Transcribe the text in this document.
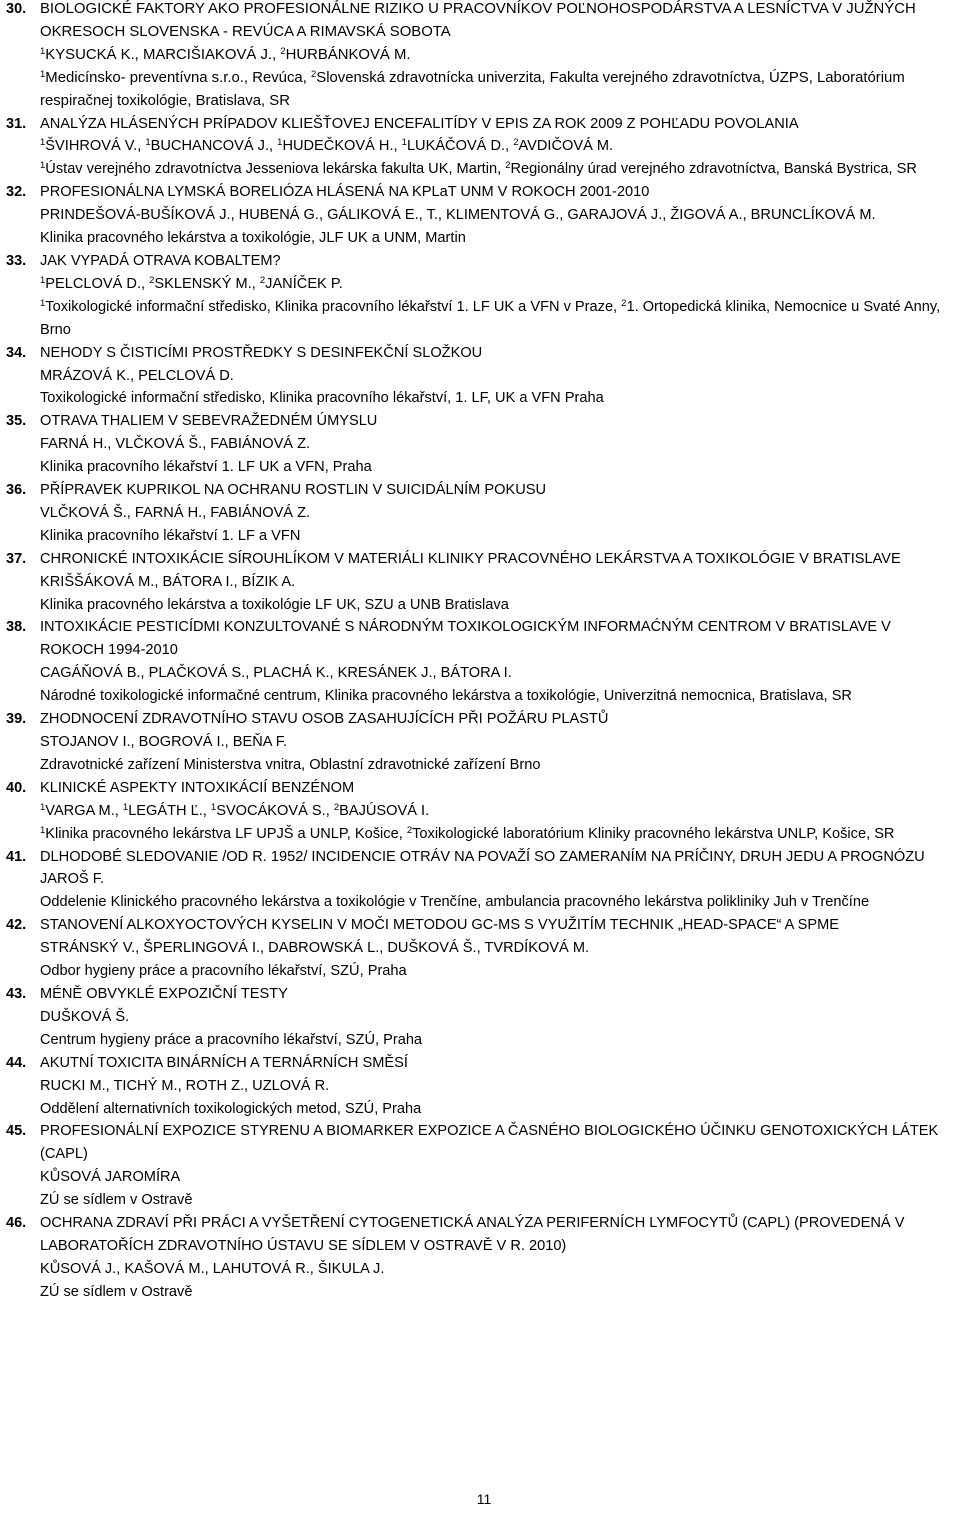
30. BIOLOGICKÉ FAKTORY AKO PROFESIONÁLNE RIZIKO U PRACOVNÍKOV POĽNOHOSPODÁRSTVA A LESNÍCTVA V JUŽNÝCH OKRESOCH SLOVENSKA - REVÚCA A RIMAVSKÁ SOBOTA
$^1$KYSUCKÁ K., MARCIŠIAKOVÁ J., $^2$HURBÁNKOVÁ M.
$^1$Medicínsko- preventívna s.r.o., Revúca, $^2$Slovenská zdravotnícka univerzita, Fakulta verejného zdravotníctva, ÚZPS, Laboratórium respiračnej toxikológie, Bratislava, SR
31. ANALÝZA HLÁSENÝCH PRÍPADOV KLIEŠŤOVEJ ENCEFALITÍDY V EPIS ZA ROK 2009 Z POHĽADU POVOLANIA
$^1$ŠVIHROVÁ V., $^1$BUCHANCOVÁ J., $^1$HUDEČKOVÁ H., $^1$LUKÁČOVÁ D., $^2$AVDIČOVÁ M.
$^1$Ústav verejného zdravotníctva Jesseniova lekárska fakulta UK, Martin, $^2$Regionálny úrad verejného zdravotníctva, Banská Bystrica, SR
32. PROFESIONÁLNA LYMSKÁ BORELIÓZA HLÁSENÁ NA KPLaT UNM V ROKOCH 2001-2010
PRINDEŠOVÁ-BUŠÍKOVÁ J., HUBENÁ G., GÁLIKOVÁ E., T., KLIMENTOVÁ G., GARAJOVÁ J., ŽIGOVÁ A., BRUNCLÍKOVÁ M.
Klinika pracovného lekárstva a toxikológie, JLF UK a UNM, Martin
33. JAK VYPADÁ OTRAVA KOBALTEM?
$^1$PELCLOVÁ D., $^2$SKLENSKÝ M., $^2$JANÍČEK P.
$^1$Toxikologické informační středisko, Klinika pracovního lékařství 1. LF UK a VFN v Praze, $^2$1. Ortopedická klinika, Nemocnice u Svaté Anny, Brno
34. NEHODY S ČISTICÍMI PROSTŘEDKY S DESINFEKČNÍ SLOŽKOU
MRÁZOVÁ K., PELCLOVÁ D.
Toxikologické informační středisko, Klinika pracovního lékařství, 1. LF, UK a VFN Praha
35. OTRAVA THALIEM V SEBEVRAŽEDNÉM ÚMYSLU
FARNÁ H., VLČKOVÁ Š., FABIÁNOVÁ Z.
Klinika pracovního lékařství 1. LF UK a VFN, Praha
36. PŘÍPRAVEK KUPRIKOL NA OCHRANU ROSTLIN V SUICIDÁLNÍM POKUSU
VLČKOVÁ Š., FARNÁ H., FABIÁNOVÁ Z.
Klinika pracovního lékařství 1. LF a VFN
37. CHRONICKÉ INTOXIKÁCIE SÍROUHLÍKOM V MATERIÁLI KLINIKY PRACOVNÉHO LEKÁRSTVA A TOXIKOLÓGIE V BRATISLAVE
KRIŠŠÁKOVÁ M., BÁTORA I., BÍZIK A.
Klinika pracovného lekárstva a toxikológie LF UK, SZU a UNB Bratislava
38. INTOXIKÁCIE PESTICÍDMI KONZULTOVANÉ S NÁRODNÝM TOXIKOLOGICKÝM INFORMAĆNÝM CENTROM V BRATISLAVE V ROKOCH 1994-2010
CAGÁŇOVÁ B., PLAČKOVÁ S., PLACHÁ K., KRESÁNEK J., BÁTORA I.
Národné toxikologické informačné centrum, Klinika pracovného lekárstva a toxikológie, Univerzitná nemocnica, Bratislava, SR
39. ZHODNOCENÍ ZDRAVOTNÍHO STAVU OSOB ZASAHUJÍCÍCH PŘI POŽÁRU PLASTŮ
STOJANOV I., BOGROVÁ I., BEŇA F.
Zdravotnické zařízení Ministerstva vnitra, Oblastní zdravotnické zařízení Brno
40. KLINICKÉ ASPEKTY INTOXIKÁCIÍ BENZÉNOM
$^1$VARGA M., $^1$LEGÁTH Ľ., $^1$SVOCÁKOVÁ S., $^2$BAJÚSOVÁ I.
$^1$Klinika pracovného lekárstva LF UPJŠ a UNLP, Košice, $^2$Toxikologické laboratórium Kliniky pracovného lekárstva UNLP, Košice, SR
41. DLHODOBÉ SLEDOVANIE /OD R. 1952/ INCIDENCIE OTRÁV NA POVAŽÍ SO ZAMERANÍM NA PRÍČINY, DRUH JEDU A PROGNÓZU
JAROŠ F.
Oddelenie Klinického pracovného lekárstva a toxikológie v Trenčíne, ambulancia pracovného lekárstva polikliniky Juh v Trenčíne
42. STANOVENÍ ALKOXYOCTOVÝCH KYSELIN V MOČI METODOU GC-MS S VYUŽITÍM TECHNIK „HEAD-SPACE“ A SPME
STRÁNSKÝ V., ŠPERLINGOVÁ I., DABROWSKÁ L., DUŠKOVÁ Š., TVRDÍKOVÁ M.
Odbor hygieny práce a pracovního lékařství, SZÚ, Praha
43. MÉNĚ OBVYKLÉ EXPOZIČNÍ TESTY
DUŠKOVÁ Š.
Centrum hygieny práce a pracovního lékařství, SZÚ, Praha
44. AKUTNÍ TOXICITA BINÁRNÍCH A TERNÁRNÍCH SMĚSÍ
RUCKI M., TICHÝ M., ROTH Z., UZLOVÁ R.
Oddělení alternativních toxikologických metod, SZÚ, Praha
45. PROFESIONÁLNÍ EXPOZICE STYRENU A BIOMARKER EXPOZICE A ČASNÉHO BIOLOGICKÉHO ÚČINKU GENOTOXICKÝCH LÁTEK (CAPL)
KŮSOVÁ JAROMÍRA
ZÚ se sídlem v Ostravě
46. OCHRANA ZDRAVÍ PŘI PRÁCI A VYŠETŘENÍ CYTOGENETICKÁ ANALÝZA PERIFERNÍCH LYMFOCYTŮ (CAPL) (PROVEDENÁ V LABORATOŘÍCH ZDRAVOTNÍHO ÚSTAVU SE SÍDLEM V OSTRAVĚ V R. 2010)
KŮSOVÁ J., KAŠOVÁ M., LAHUTOVÁ R., ŠIKULA J.
ZÚ se sídlem v Ostravě
11
